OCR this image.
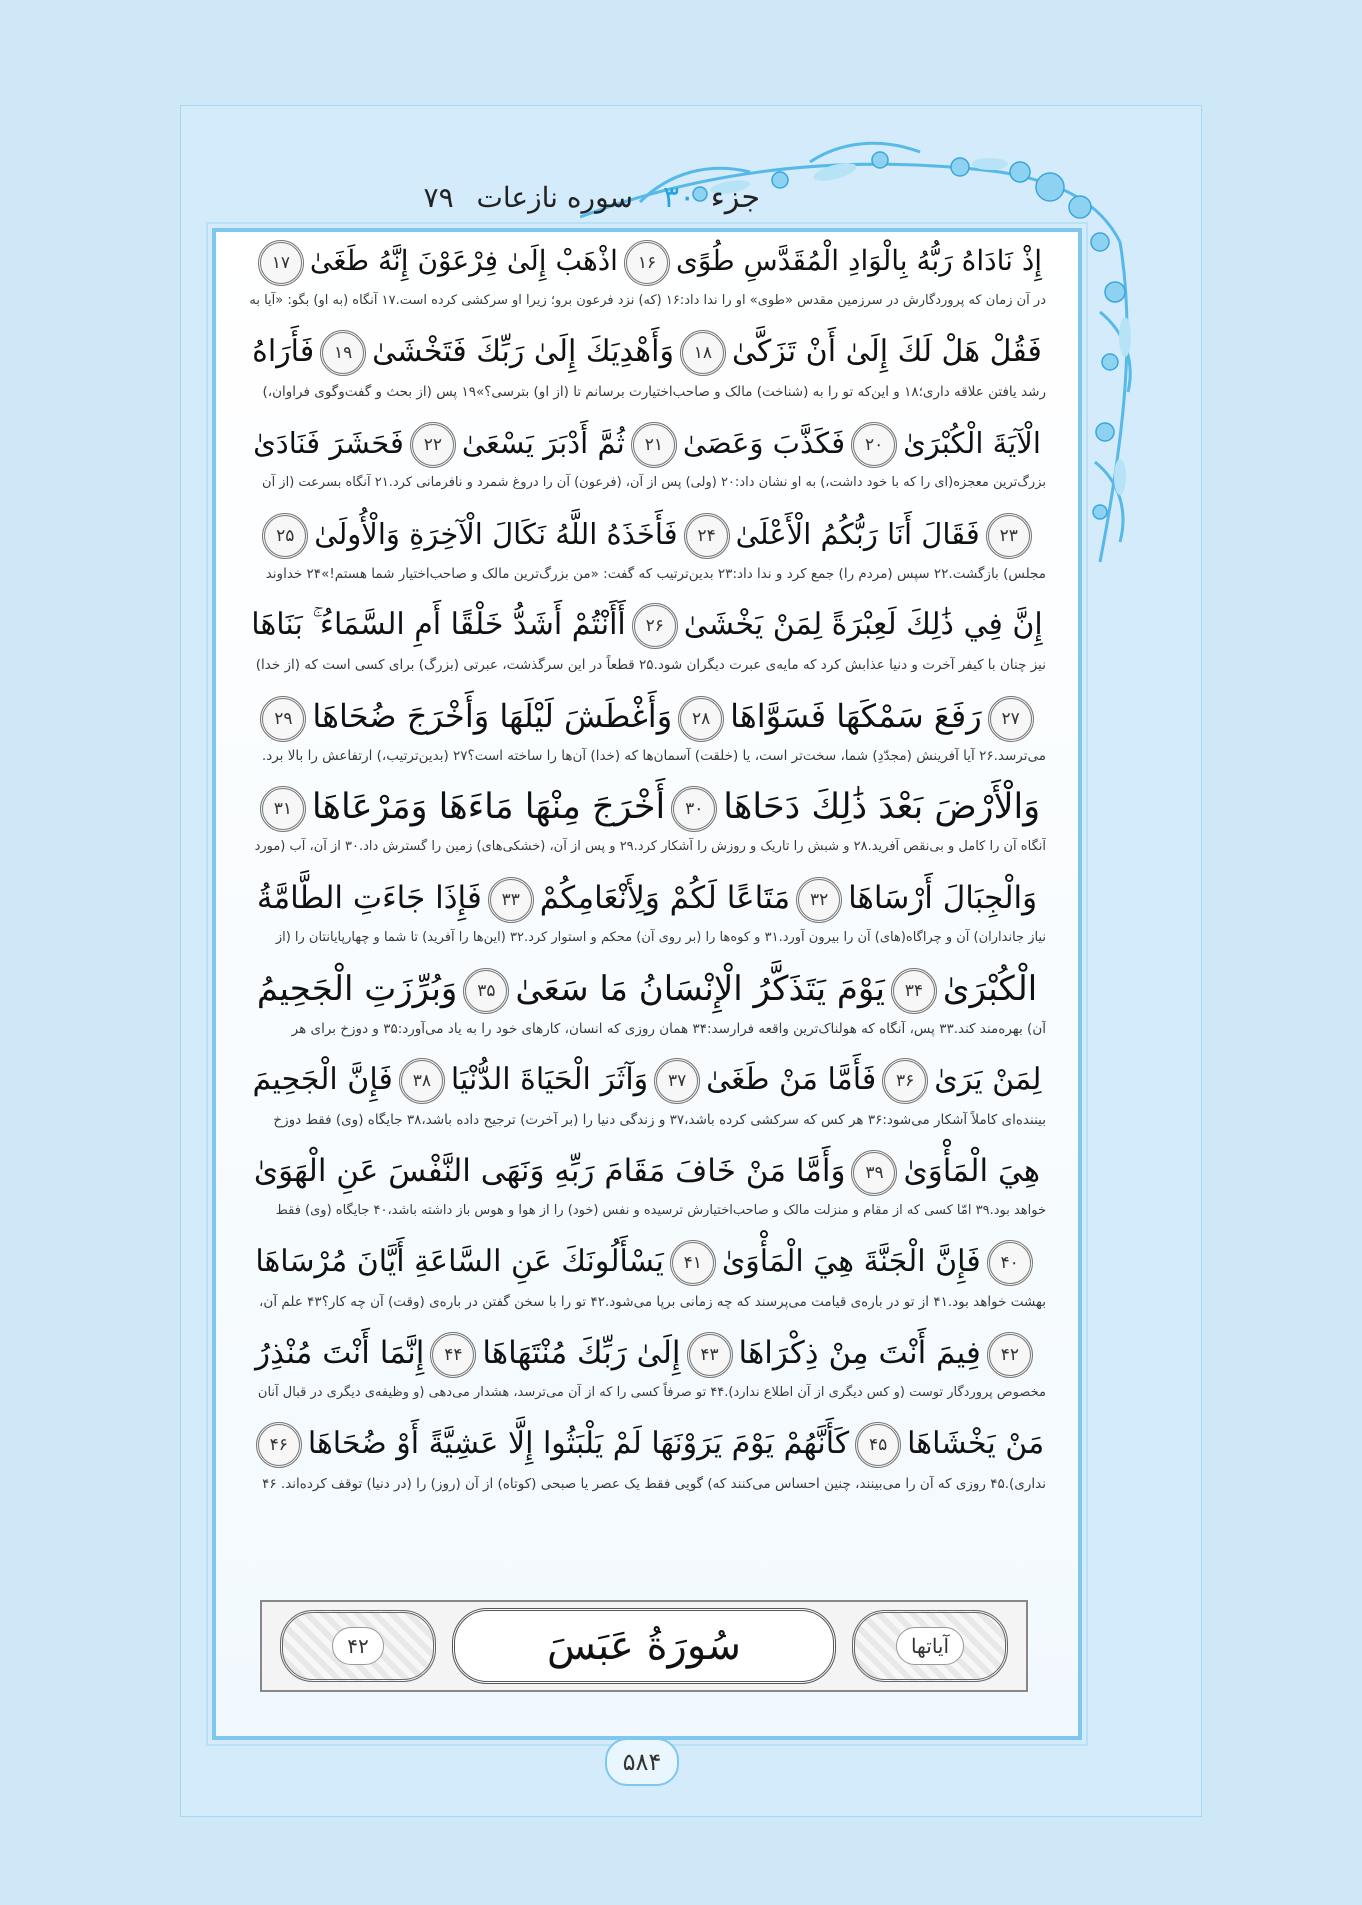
جزء ۳۰
سوره نازعات ۷۹
إِذْ نَادَاهُ رَبُّهُ بِالْوَادِ الْمُقَدَّسِ طُوًى۱۶اذْهَبْ إِلَىٰ فِرْعَوْنَ إِنَّهُ طَغَىٰ۱۷
در آن زمان که پروردگارش در سرزمین مقدس «طوی» او را ندا داد:۱۶ (که) نزد فرعون برو؛ زیرا او سرکشی کرده است.۱۷ آنگاه (به او) بگو: «آیا به
فَقُلْ هَلْ لَكَ إِلَىٰ أَنْ تَزَكَّىٰ۱۸وَأَهْدِيَكَ إِلَىٰ رَبِّكَ فَتَخْشَىٰ۱۹فَأَرَاهُ
رشد یافتن علاقه داری؛۱۸ و این‌که تو را به (شناخت) مالک و صاحب‌اختیارت برسانم تا (از او) بترسی؟»۱۹ پس (از بحث و گفت‌وگوی فراوان،)
الْآيَةَ الْكُبْرَىٰ۲۰فَكَذَّبَ وَعَصَىٰ۲۱ثُمَّ أَدْبَرَ يَسْعَىٰ۲۲فَحَشَرَ فَنَادَىٰ
بزرگ‌ترین معجزه(ای را که با خود داشت،) به او نشان داد:۲۰ (ولی) پس از آن، (فرعون) آن را دروغ شمرد و نافرمانی کرد.۲۱ آنگاه بسرعت (از آن
۲۳فَقَالَ أَنَا رَبُّكُمُ الْأَعْلَىٰ۲۴فَأَخَذَهُ اللَّهُ نَكَالَ الْآخِرَةِ وَالْأُولَىٰ۲۵
مجلس) بازگشت.۲۲ سپس (مردم را) جمع کرد و ندا داد:۲۳ بدین‌ترتیب که گفت: «من بزرگ‌ترین مالک و صاحب‌اختیار شما هستم!»۲۴ خداوند
إِنَّ فِي ذَٰلِكَ لَعِبْرَةً لِمَنْ يَخْشَىٰ۲۶أَأَنْتُمْ أَشَدُّ خَلْقًا أَمِ السَّمَاءُ ۚ بَنَاهَا
نیز چنان با کیفر آخرت و دنیا عذابش کرد که مایه‌ی عبرت دیگران شود.۲۵ قطعاً در این سرگذشت، عبرتی (بزرگ) برای کسی است که (از خدا)
۲۷رَفَعَ سَمْكَهَا فَسَوَّاهَا۲۸وَأَغْطَشَ لَيْلَهَا وَأَخْرَجَ ضُحَاهَا۲۹
می‌ترسد.۲۶ آیا آفرینش (مجدّدِ) شما، سخت‌تر است، یا (خلقت) آسمان‌ها که (خدا) آن‌ها را ساخته است؟۲۷ (بدین‌ترتیب،) ارتفاعش را بالا برد.
وَالْأَرْضَ بَعْدَ ذَٰلِكَ دَحَاهَا۳۰أَخْرَجَ مِنْهَا مَاءَهَا وَمَرْعَاهَا۳۱
آنگاه آن را کامل و بی‌نقص آفرید.۲۸ و شبش را تاریک و روزش را آشکار کرد.۲۹ و پس از آن، (خشکی‌های) زمین را گسترش داد.۳۰ از آن، آب (مورد
وَالْجِبَالَ أَرْسَاهَا۳۲مَتَاعًا لَكُمْ وَلِأَنْعَامِكُمْ۳۳فَإِذَا جَاءَتِ الطَّامَّةُ
نیاز جانداران) آن و چراگاه(های) آن را بیرون آورد.۳۱ و کوه‌ها را (بر روی آن) محکم و استوار کرد.۳۲ (این‌ها را آفرید) تا شما و چهارپایانتان را (از
الْكُبْرَىٰ۳۴يَوْمَ يَتَذَكَّرُ الْإِنْسَانُ مَا سَعَىٰ۳۵وَبُرِّزَتِ الْجَحِيمُ
آن) بهره‌مند کند.۳۳ پس، آنگاه که هولناک‌ترین واقعه فرارسد:۳۴ همان روزی که انسان، کارهای خود را به یاد می‌آورد:۳۵ و دوزخ برای هر
لِمَنْ يَرَىٰ۳۶فَأَمَّا مَنْ طَغَىٰ۳۷وَآثَرَ الْحَيَاةَ الدُّنْيَا۳۸فَإِنَّ الْجَحِيمَ
بیننده‌ای کاملاً آشکار می‌شود:۳۶ هر کس که سرکشی کرده باشد،۳۷ و زندگی دنیا را (بر آخرت) ترجیح داده باشد،۳۸ جایگاه (وی) فقط دوزخ
هِيَ الْمَأْوَىٰ۳۹وَأَمَّا مَنْ خَافَ مَقَامَ رَبِّهِ وَنَهَى النَّفْسَ عَنِ الْهَوَىٰ
خواهد بود.۳۹ امّا کسی که از مقام و منزلت مالک و صاحب‌اختیارش ترسیده و نفس (خود) را از هوا و هوس باز داشته باشد،۴۰ جایگاه (وی) فقط
۴۰فَإِنَّ الْجَنَّةَ هِيَ الْمَأْوَىٰ۴۱يَسْأَلُونَكَ عَنِ السَّاعَةِ أَيَّانَ مُرْسَاهَا
بهشت خواهد بود.۴۱ از تو در باره‌ی قیامت می‌پرسند که چه زمانی برپا می‌شود.۴۲ تو را با سخن گفتن در باره‌ی (وقت) آن چه کار؟۴۳ علم آن،
۴۲فِيمَ أَنْتَ مِنْ ذِكْرَاهَا۴۳إِلَىٰ رَبِّكَ مُنْتَهَاهَا۴۴إِنَّمَا أَنْتَ مُنْذِرُ
مخصوص پروردگار توست (و کس دیگری از آن اطلاع ندارد).۴۴ تو صرفاً کسی را که از آن می‌ترسد، هشدار می‌دهی (و وظیفه‌ی دیگری در قبال آنان
مَنْ يَخْشَاهَا۴۵كَأَنَّهُمْ يَوْمَ يَرَوْنَهَا لَمْ يَلْبَثُوا إِلَّا عَشِيَّةً أَوْ ضُحَاهَا۴۶
نداری).۴۵ روزی که آن را می‌بینند، چنین احساس می‌کنند که) گویی فقط یک عصر یا صبحی (کوتاه) از آن (روز) را (در دنیا) توقف کرده‌اند. ۴۶
۴۲	سُورَةُ عَبَسَ	آیاتها
۵۸۴
